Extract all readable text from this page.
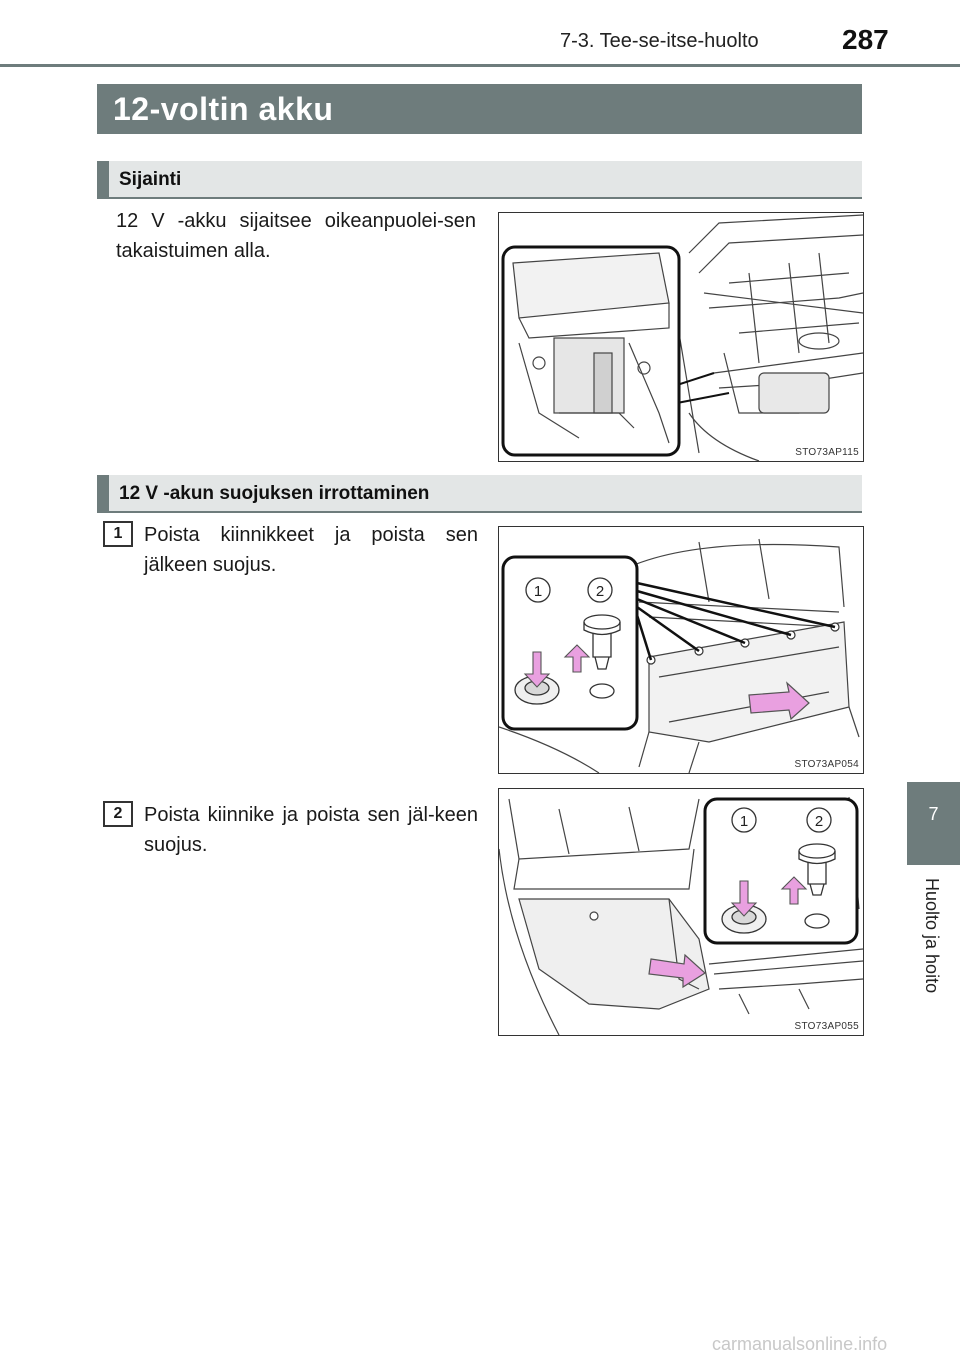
7-3. Tee-se-itse-huolto	287
12-voltin akku
Sijainti
12 V -akku sijaitsee oikeanpuolei-sen takaistuimen alla.
STO73AP115
12 V -akun suojuksen irrottaminen
1	Poista kiinnikkeet ja poista sen jälkeen suojus.
1	2
STO73AP054
2	Poista kiinnike ja poista sen jäl-keen suojus.
1	2
STO73AP055
7
Huolto ja hoito
carmanualsonline.info
